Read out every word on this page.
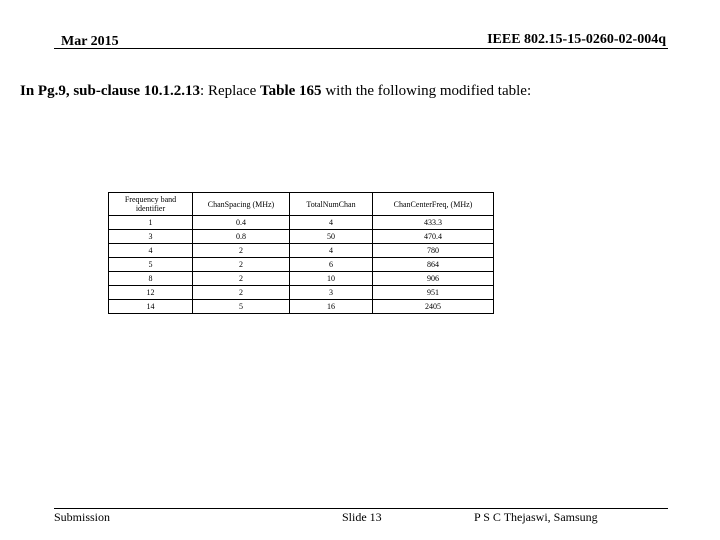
Mar 2015	IEEE 802.15-15-0260-02-004q
In Pg.9, sub-clause 10.1.2.13: Replace Table 165 with the following modified table:
Frequency band identifier	ChanSpacing (MHz)	TotalNumChan	ChanCenterFreq, (MHz)
1	0.4	4	433.3
3	0.8	50	470.4
4	2	4	780
5	2	6	864
8	2	10	906
12	2	3	951
14	5	16	2405
Submission	Slide 13	P S C Thejaswi, Samsung
